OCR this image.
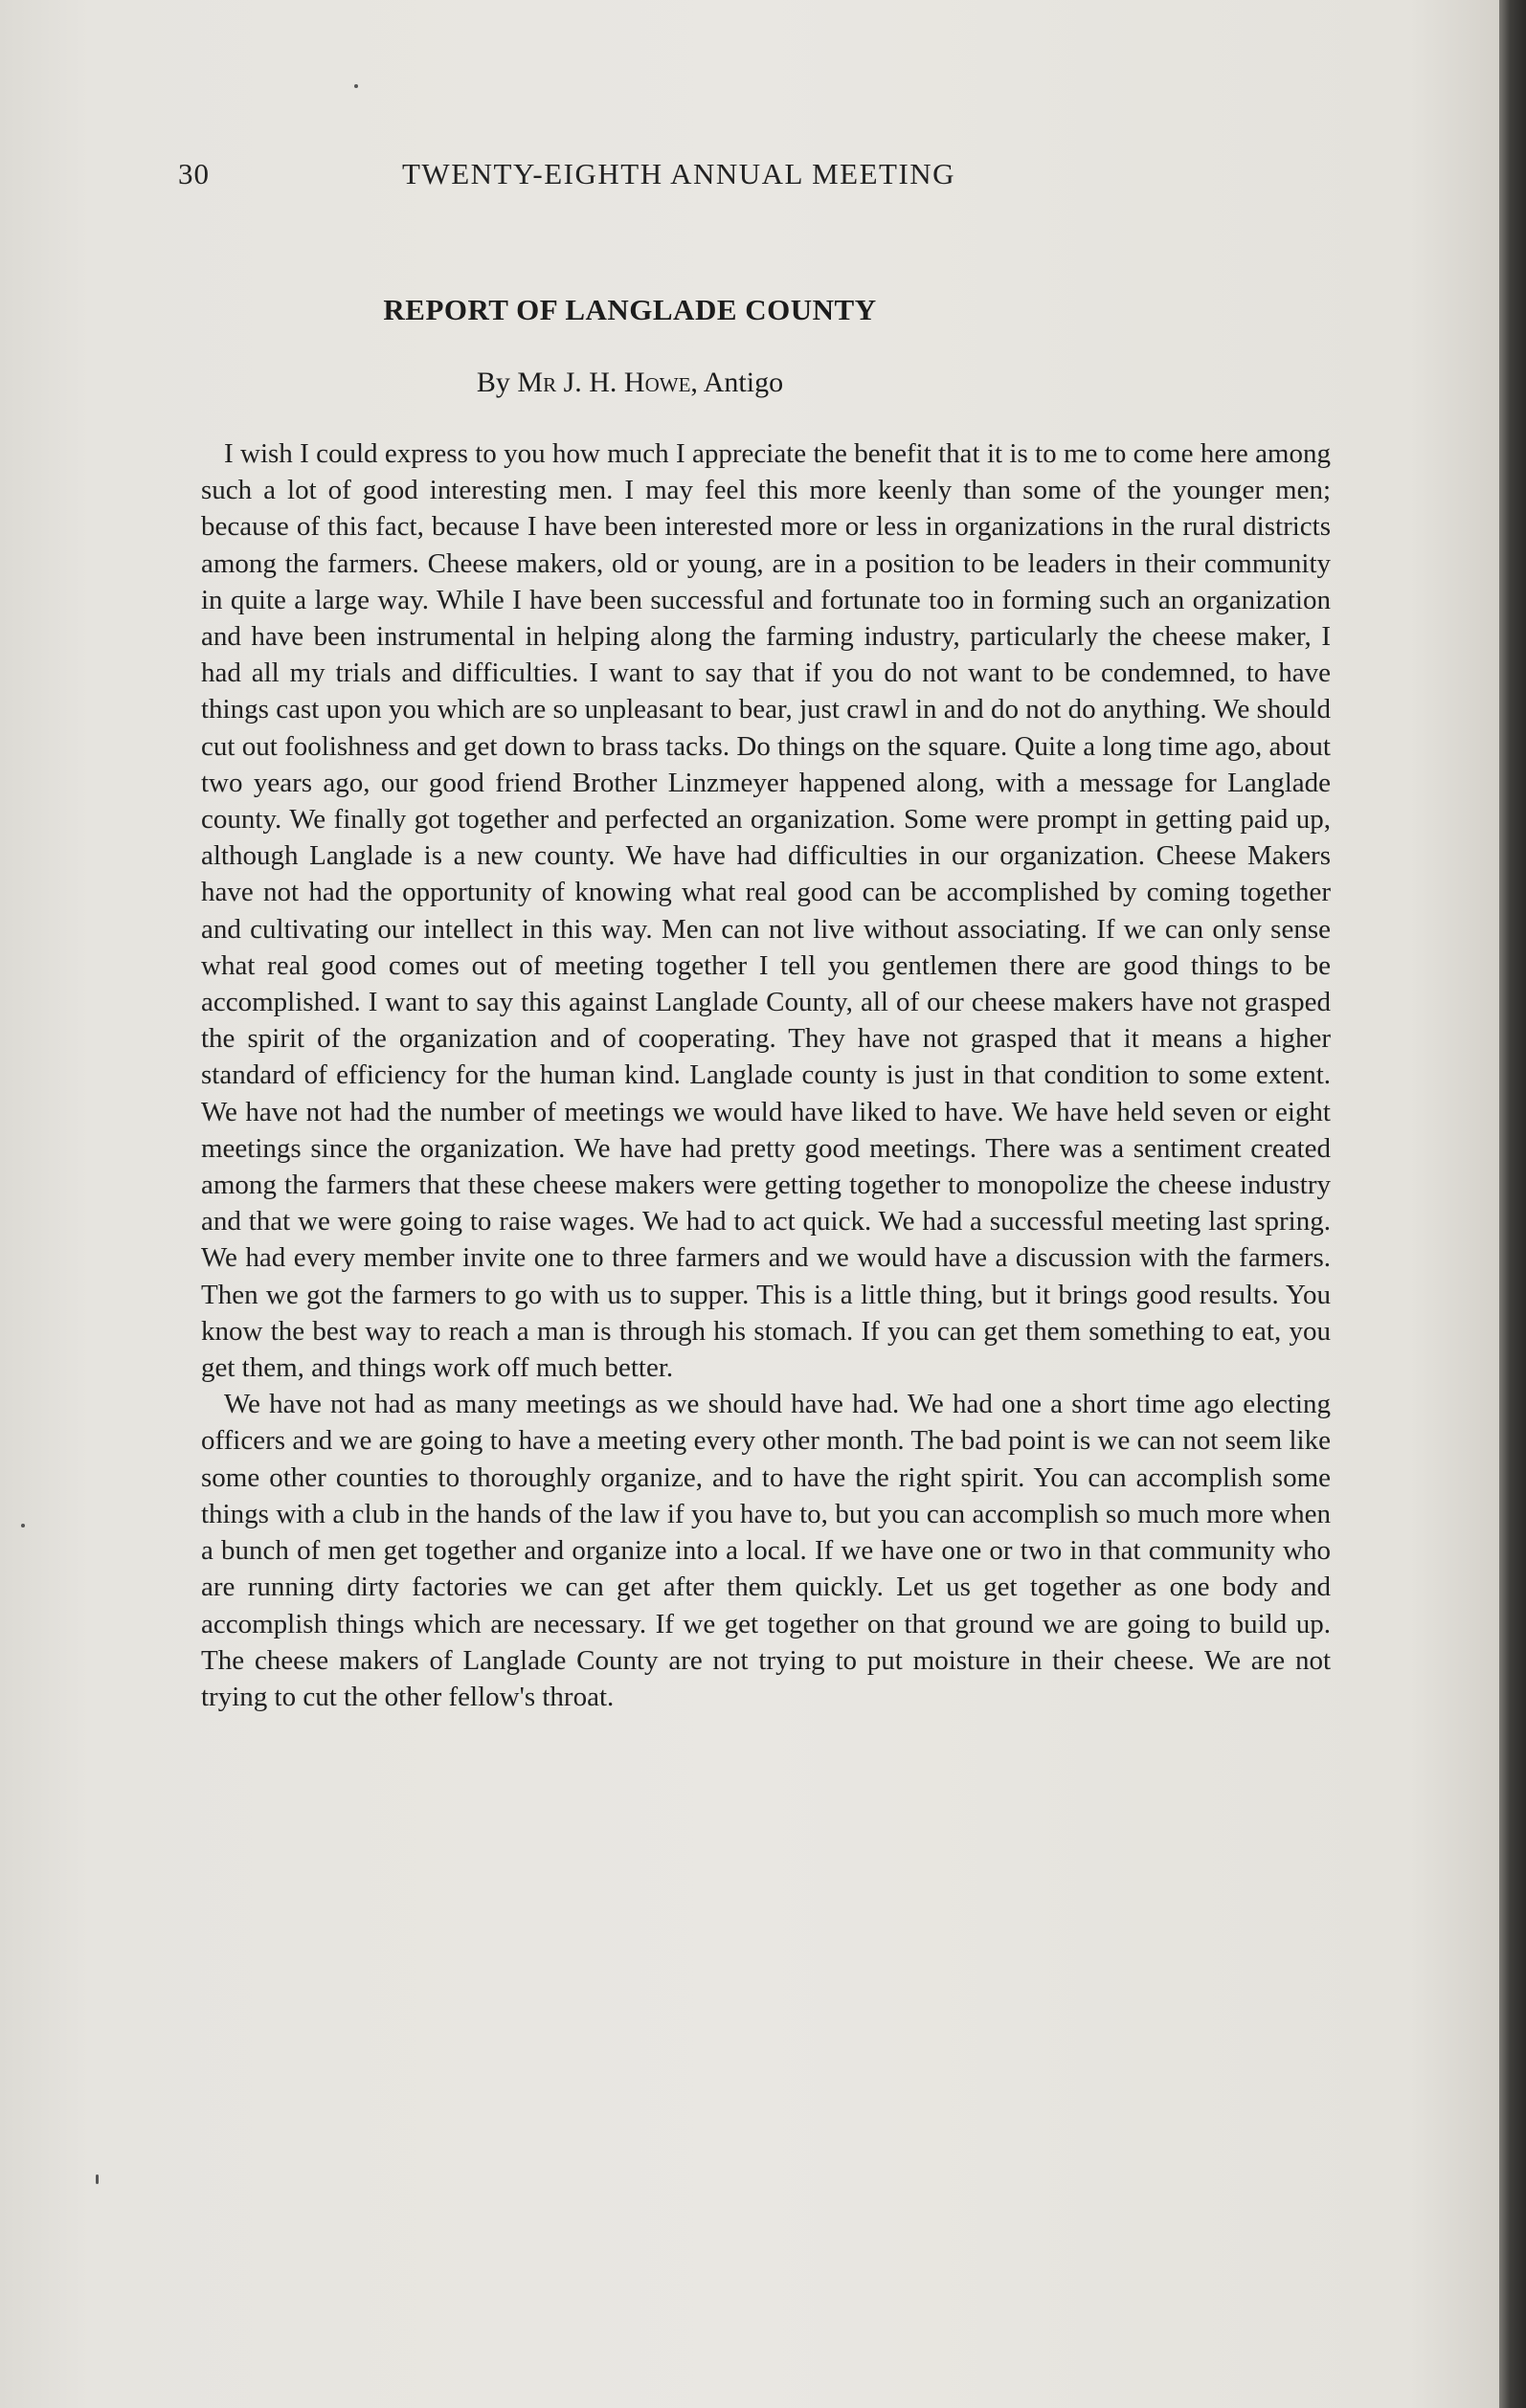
30	TWENTY-EIGHTH ANNUAL MEETING
REPORT OF LANGLADE COUNTY
By Mr J. H. Howe, Antigo

I wish I could express to you how much I appreciate the benefit that it is to me to come here among such a lot of good interesting men. I may feel this more keenly than some of the younger men; because of this fact, because I have been interested more or less in organizations in the rural districts among the farmers. Cheese makers, old or young, are in a position to be leaders in their community in quite a large way. While I have been successful and fortunate too in forming such an organization and have been instrumental in helping along the farming industry, particularly the cheese maker, I had all my trials and difficulties. I want to say that if you do not want to be condemned, to have things cast upon you which are so unpleasant to bear, just crawl in and do not do anything. We should cut out foolishness and get down to brass tacks. Do things on the square. Quite a long time ago, about two years ago, our good friend Brother Linzmeyer happened along, with a message for Langlade county. We finally got together and perfected an organization. Some were prompt in getting paid up, although Langlade is a new county. We have had difficulties in our organization. Cheese Makers have not had the opportunity of knowing what real good can be accomplished by coming together and cultivating our intellect in this way. Men can not live without associating. If we can only sense what real good comes out of meeting together I tell you gentlemen there are good things to be accomplished. I want to say this against Langlade County, all of our cheese makers have not grasped the spirit of the organization and of cooperating. They have not grasped that it means a higher standard of efficiency for the human kind. Langlade county is just in that condition to some extent. We have not had the number of meetings we would have liked to have. We have held seven or eight meetings since the organization. We have had pretty good meetings. There was a sentiment created among the farmers that these cheese makers were getting together to monopolize the cheese industry and that we were going to raise wages. We had to act quick. We had a successful meeting last spring. We had every member invite one to three farmers and we would have a discussion with the farmers. Then we got the farmers to go with us to supper. This is a little thing, but it brings good results. You know the best way to reach a man is through his stomach. If you can get them something to eat, you get them, and things work off much better.

We have not had as many meetings as we should have had. We had one a short time ago electing officers and we are going to have a meeting every other month. The bad point is we can not seem like some other counties to thoroughly organize, and to have the right spirit. You can accomplish some things with a club in the hands of the law if you have to, but you can accomplish so much more when a bunch of men get together and organize into a local. If we have one or two in that community who are running dirty factories we can get after them quickly. Let us get together as one body and accomplish things which are necessary. If we get together on that ground we are going to build up. The cheese makers of Langlade County are not trying to put moisture in their cheese. We are not trying to cut the other fellow's throat.
